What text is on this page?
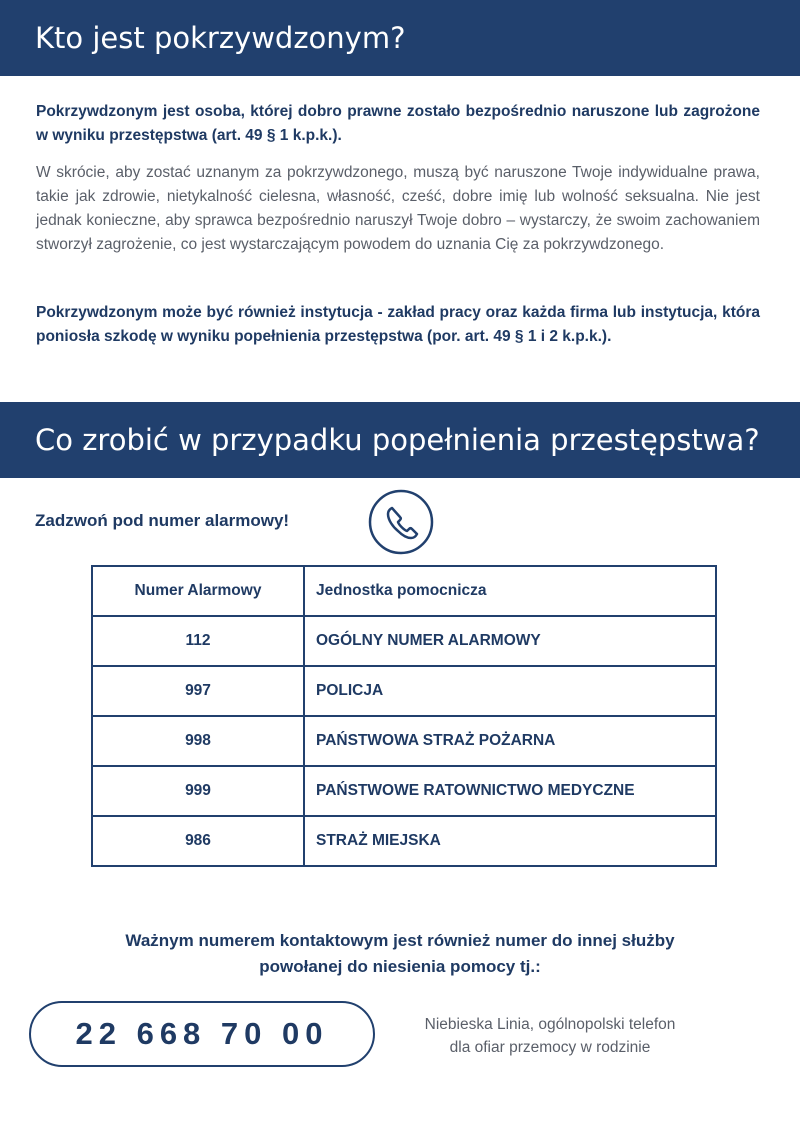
Kto jest pokrzywdzonym?

Pokrzywdzonym jest osoba, której dobro prawne zostało bezpośrednio naruszone lub zagrożone w wyniku przestępstwa (art. 49 § 1 k.p.k.).

W skrócie, aby zostać uznanym za pokrzywdzonego, muszą być naruszone Twoje indywidualne prawa, takie jak zdrowie, nietykalność cielesna, własność, cześć, dobre imię lub wolność seksualna. Nie jest jednak konieczne, aby sprawca bezpośrednio naruszył Twoje dobro – wystarczy, że swoim zachowaniem stworzył zagrożenie, co jest wystarczającym powodem do uznania Cię za pokrzywdzonego.

Pokrzywdzonym może być również instytucja - zakład pracy oraz każda firma lub instytucja, która poniosła szkodę w wyniku popełnienia przestępstwa (por. art. 49 § 1 i 2 k.p.k.).

Co zrobić w przypadku popełnienia przestępstwa?
Zadzwoń pod numer alarmowy!
Numer Alarmowy	Jednostka pomocnicza
112	OGÓLNY NUMER ALARMOWY
997	POLICJA
998	PAŃSTWOWA STRAŻ POŻARNA
999	PAŃSTWOWE RATOWNICTWO MEDYCZNE
986	STRAŻ MIEJSKA
Ważnym numerem kontaktowym jest również numer do innej służby
powołanej do niesienia pomocy tj.:
22 668 70 00	Niebieska Linia, ogólnopolski telefon
dla ofiar przemocy w rodzinie
